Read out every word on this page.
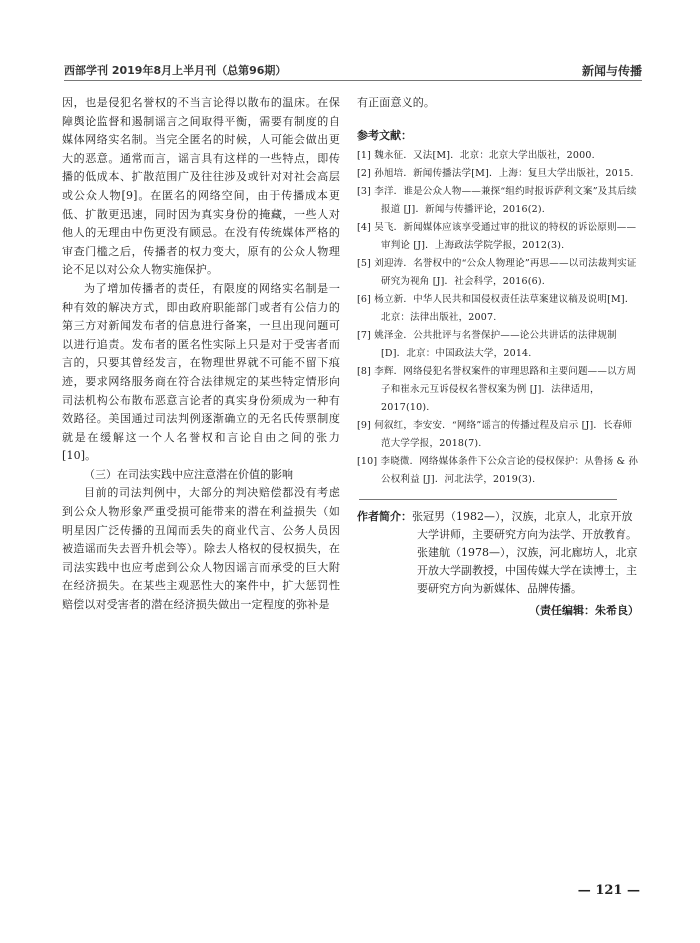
西部学刊 2019年8月上半月刊（总第96期）	新闻与传播

因，也是侵犯名誉权的不当言论得以散布的温床。在保障舆论监督和遏制谣言之间取得平衡，需要有制度的自媒体网络实名制。当完全匿名的时候，人可能会做出更大的恶意。通常而言，谣言具有这样的一些特点，即传播的低成本、扩散范围广及往往涉及或针对对社会高层或公众人物[9]。在匿名的网络空间，由于传播成本更低、扩散更迅速，同时因为真实身份的掩藏，一些人对他人的无理由中伤更没有顾忌。在没有传统媒体严格的审查门槛之后，传播者的权力变大，原有的公众人物理论不足以对公众人物实施保护。

为了增加传播者的责任，有限度的网络实名制是一种有效的解决方式，即由政府职能部门或者有公信力的第三方对新闻发布者的信息进行备案，一旦出现问题可以进行追责。发布者的匿名性实际上只是对于受害者而言的，只要其曾经发言，在物理世界就不可能不留下痕迹，要求网络服务商在符合法律规定的某些特定情形向司法机构公布散布恶意言论者的真实身份须成为一种有效路径。美国通过司法判例逐渐确立的无名氏传票制度就是在缓解这一个人名誉权和言论自由之间的张力[10]。

（三）在司法实践中应注意潜在价值的影响

目前的司法判例中，大部分的判决赔偿都没有考虑到公众人物形象严重受损可能带来的潜在利益损失（如明星因广泛传播的丑闻而丢失的商业代言、公务人员因被造谣而失去晋升机会等）。除去人格权的侵权损失，在司法实践中也应考虑到公众人物因谣言而承受的巨大附在经济损失。在某些主观恶性大的案件中，扩大惩罚性赔偿以对受害者的潜在经济损失做出一定程度的弥补是

有正面意义的。

参考文献：

[1] 魏永征．又法[M]．北京：北京大学出版社，2000.

[2] 孙旭培．新闻传播法学[M]．上海：复旦大学出版社，2015.

[3] 李洋．谁是公众人物——兼探“组约时报诉萨利文案”及其后续报道 [J]．新闻与传播评论，2016(2).

[4] 吴飞．新闻媒体应该享受通过审的批议的特权的诉讼原则——审判论 [J]．上海政法学院学报，2012(3).

[5] 刘迎涛．名誉权中的“公众人物理论”再思——以司法裁判实证研究为视角 [J]．社会科学，2016(6).

[6] 杨立新．中华人民共和国侵权责任法草案建议稿及说明[M]．北京：法律出版社，2007.

[7] 姚泽金．公共批评与名誉保护——论公共讲话的法律规制 [D]．北京：中国政法大学，2014.

[8] 李辉．网络侵犯名誉权案件的审理思路和主要问题——以方周子和崔永元互诉侵权名誉权案为例 [J]．法律适用，2017(10).

[9] 何叙红，李安安．“网络”谣言的传播过程及启示 [J]．长春师范大学学报，2018(7).

[10] 李晓微．网络媒体条件下公众言论的侵权保护：从鲁扬 & 孙公权利益 [J]．河北法学，2019(3).

作者简介：张冠男（1982—），汉族，北京人，北京开放大学讲师，主要研究方向为法学、开放教育。

张建航（1978—），汉族，河北廊坊人，北京开放大学副教授，中国传媒大学在读博士，主要研究方向为新媒体、品牌传播。

（责任编辑：朱希良）
— 121 —
